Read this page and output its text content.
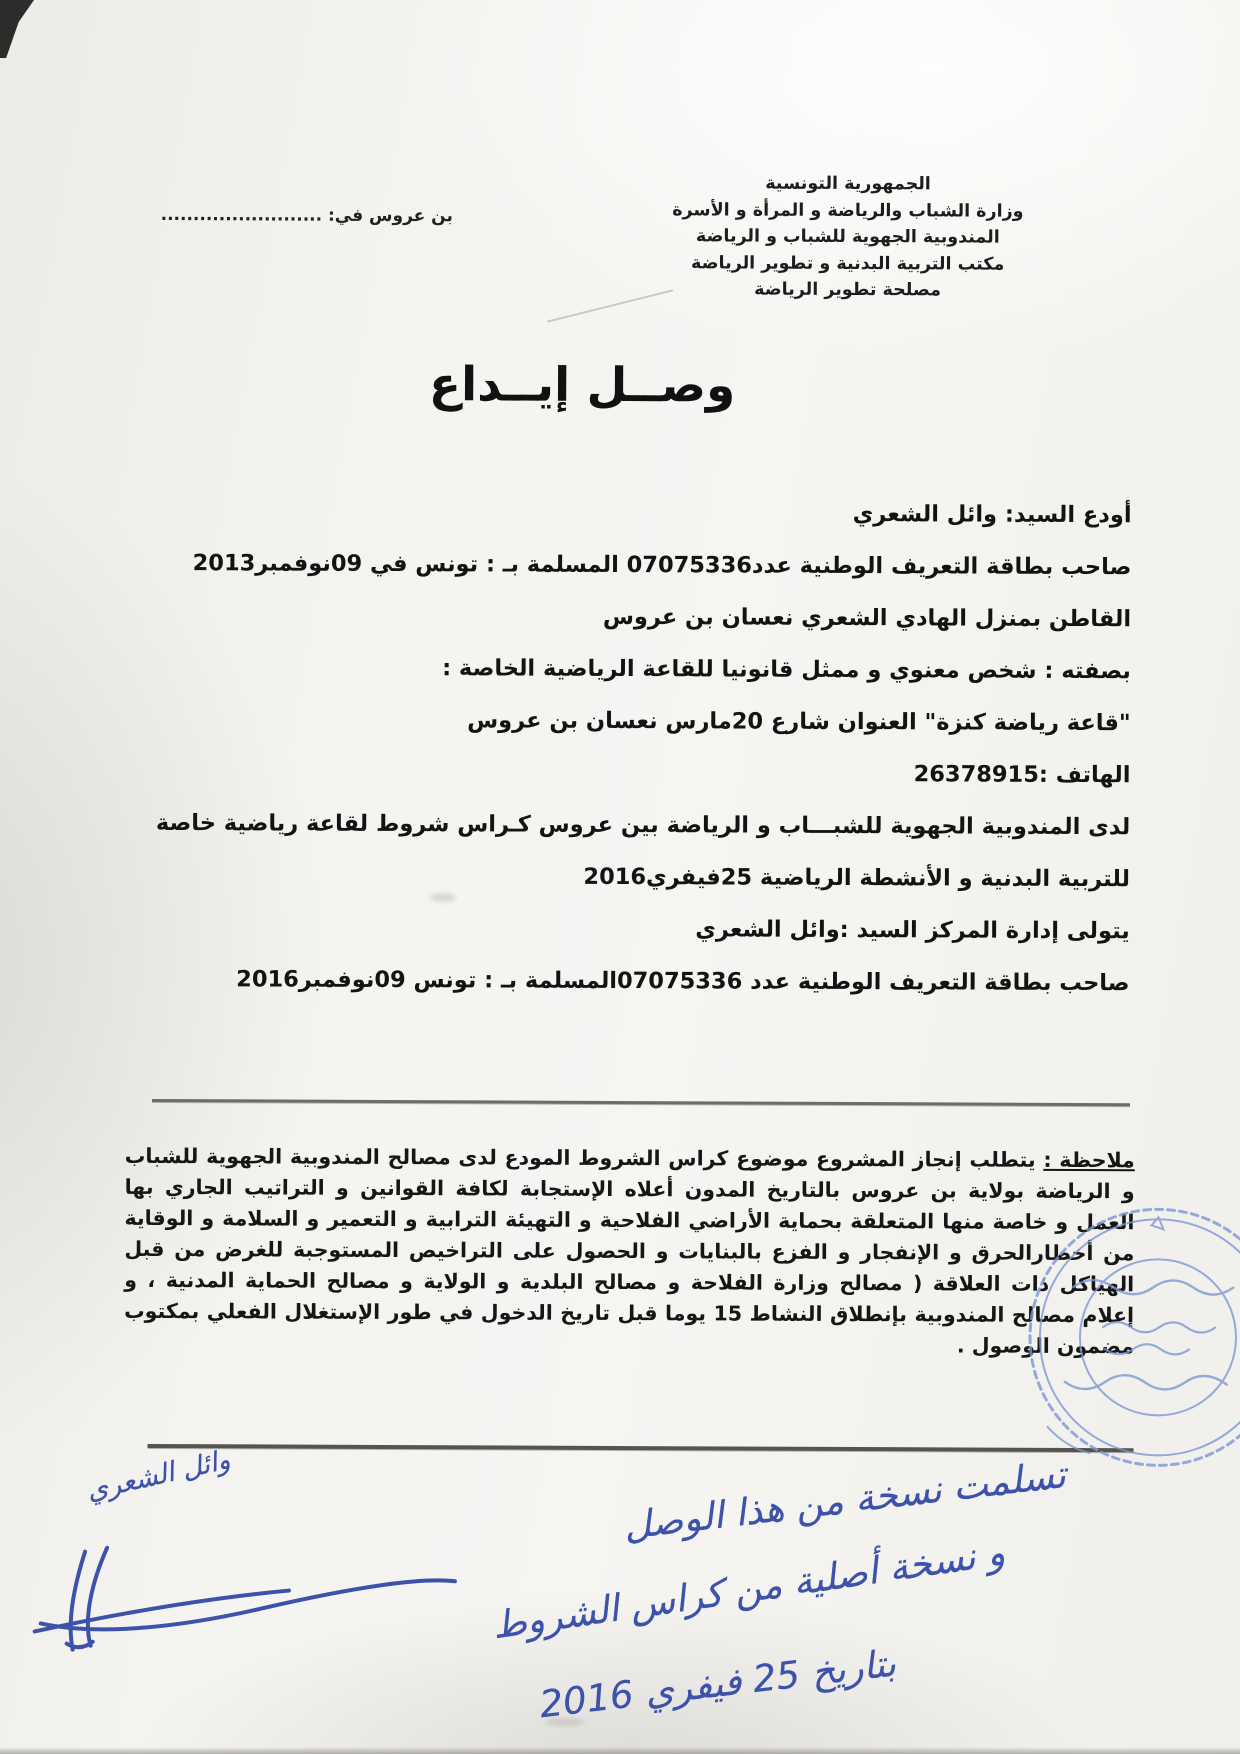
الجمهورية التونسية
وزارة الشباب والرياضة و المرأة و الأسرة
المندوبية الجهوية للشباب و الرياضة
مكتب التربية البدنية و تطوير الرياضة
مصلحة تطوير الرياضة
بن عروس في: .........................
وصــل إيــداع

أودع السيد: وائل الشعري

صاحب بطاقة التعريف الوطنية عدد07075336 المسلمة بـ : تونس في 09نوفمبر2013

القاطن بمنزل الهادي الشعري نعسان بن عروس

بصفته : شخص معنوي و ممثل قانونيا للقاعة الرياضية الخاصة :

"قاعة رياضة كنزة" العنوان شارع 20مارس نعسان بن عروس

الهاتف :26378915

لدى المندوبية الجهوية للشبـــاب و الرياضة بين عروس كـراس شروط لقاعة رياضية خاصة

للتربية البدنية و الأنشطة الرياضية 25فيفري2016

يتولى إدارة المركز السيد :وائل الشعري

صاحب بطاقة التعريف الوطنية عدد 07075336المسلمة بـ : تونس 09نوفمبر2016

ملاحظة : يتطلب إنجاز المشروع موضوع كراس الشروط المودع لدى مصالح المندوبية الجهوية للشباب و الرياضة بولاية بن عروس بالتاريخ المدون أعلاه الإستجابة لكافة القوانين و التراتيب الجاري بها العمل و خاصة منها المتعلقة بحماية الأراضي الفلاحية و التهيئة الترابية و التعمير و السلامة و الوقاية من أخطارالحرق و الإنفجار و الفزع بالبنايات و الحصول على التراخيص المستوجبة للغرض من قبل الهياكل ذات العلاقة ( مصالح وزارة الفلاحة و مصالح البلدية و الولاية و مصالح الحماية المدنية ، و إعلام مصالح المندوبية بإنطلاق النشاط 15 يوما قبل تاريخ الدخول في طور الإستغلال الفعلي بمكتوب مضمون الوصول .

تسلمت نسخة من هذا الوصل
و نسخة أصلية من كراس الشروط
بتاريخ 25 فيفري 2016
وائل الشعري
